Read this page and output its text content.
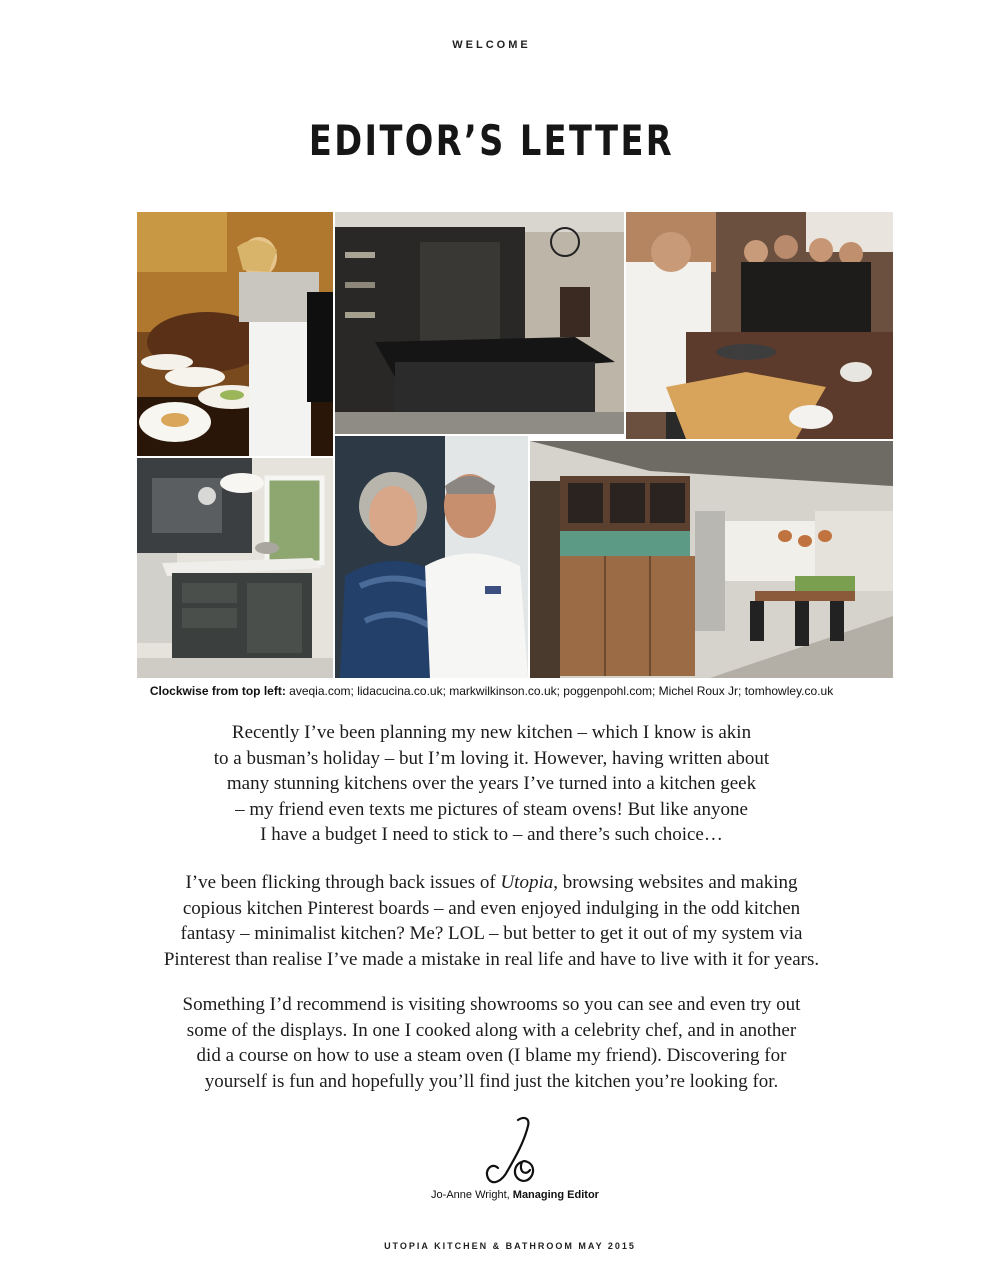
WELCOME
EDITOR’S LETTER
Clockwise from top left: aveqia.com; lidacucina.co.uk; markwilkinson.co.uk; poggenpohl.com; Michel Roux Jr; tomhowley.co.uk

Recently I’ve been planning my new kitchen – which I know is akin
to a busman’s holiday – but I’m loving it. However, having written about
many stunning kitchens over the years I’ve turned into a kitchen geek
– my friend even texts me pictures of steam ovens! But like anyone
I have a budget I need to stick to – and there’s such choice…

I’ve been flicking through back issues of Utopia, browsing websites and making
copious kitchen Pinterest boards – and even enjoyed indulging in the odd kitchen
fantasy – minimalist kitchen? Me? LOL – but better to get it out of my system via
Pinterest than realise I’ve made a mistake in real life and have to live with it for years.

Something I’d recommend is visiting showrooms so you can see and even try out
some of the displays. In one I cooked along with a celebrity chef, and in another
did a course on how to use a steam oven (I blame my friend). Discovering for
yourself is fun and hopefully you’ll find just the kitchen you’re looking for.

Jo-Anne Wright, Managing Editor
UTOPIA KITCHEN & BATHROOM MAY 2015
